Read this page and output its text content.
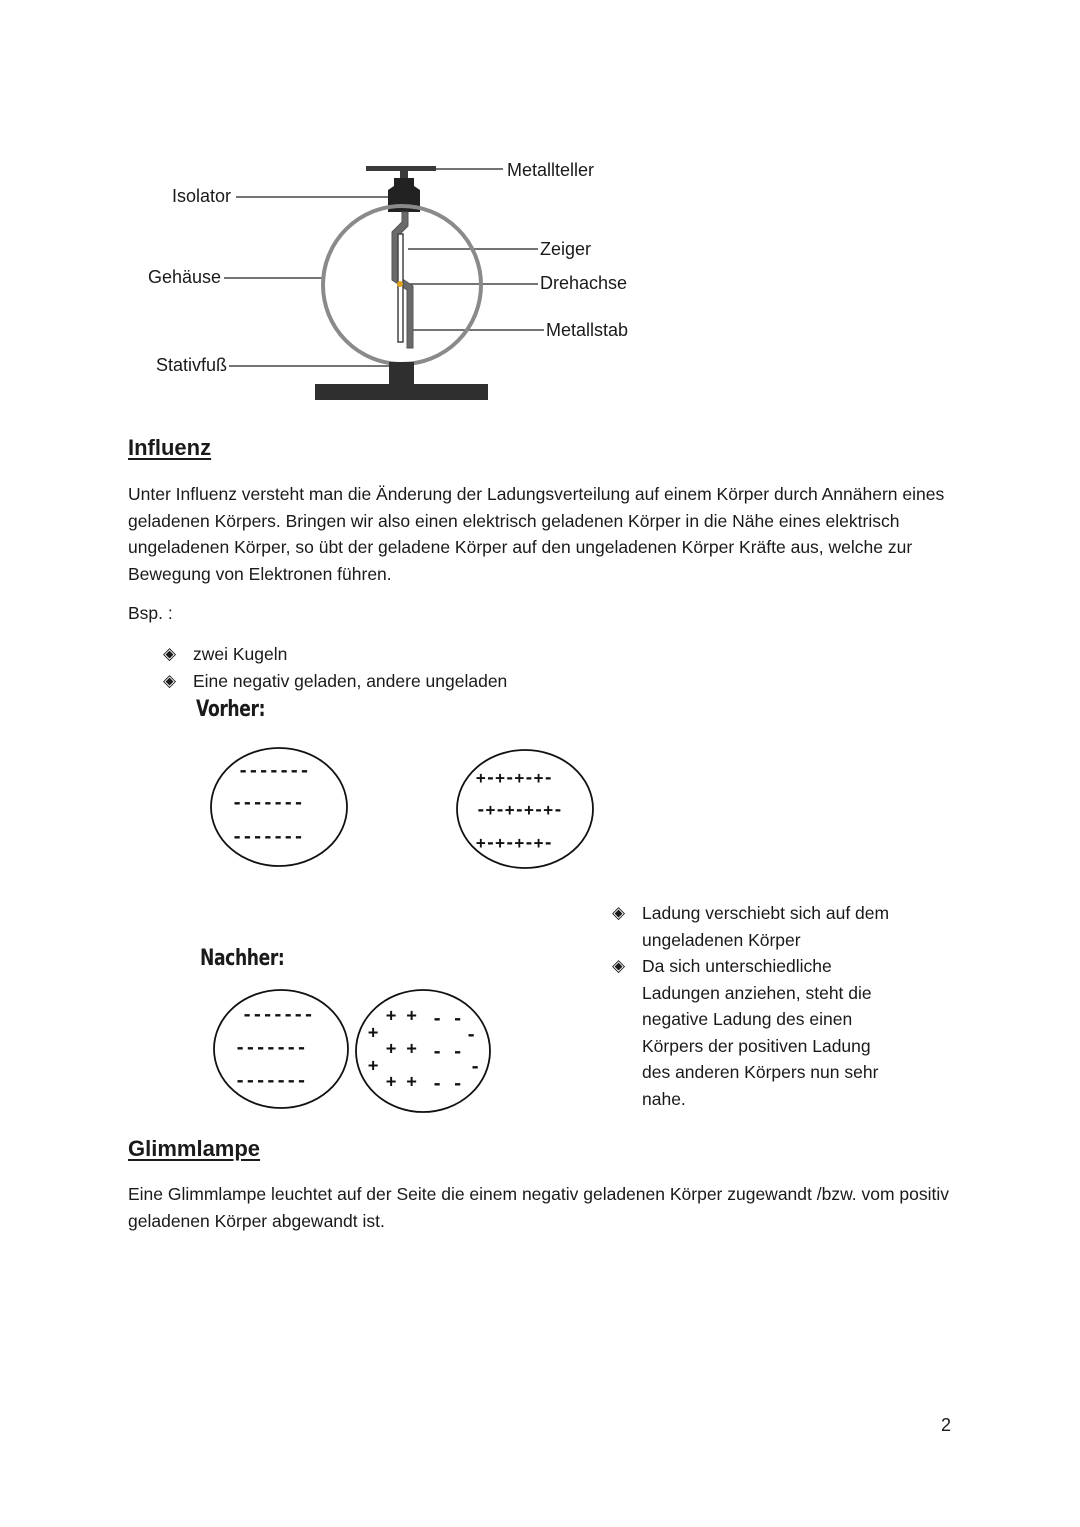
Metallteller
Isolator
Zeiger
Gehäuse	Drehachse
Metallstab
Stativfuß
Influenz
Unter Influenz versteht man die Änderung der Ladungsverteilung auf einem Körper durch Annähern eines geladenen Körpers. Bringen wir also einen elektrisch geladenen Körper in die Nähe eines elektrisch ungeladenen Körper, so übt der geladene Körper auf den ungeladenen Körper Kräfte aus, welche zur Bewegung von Elektronen führen.
Bsp. :
◈ zwei Kugeln
◈ Eine negativ geladen, andere ungeladen
Vorher:
-------
-------
-------
+-+-+-+-
-+-+-+-+-
+-+-+-+-
-------
-------
-------
+ +
+ +
+ +
+
+
- -
- -
- -
-
-
Nachher:
◈ Ladung verschiebt sich auf dem ungeladenen Körper
◈ Da sich unterschiedliche Ladungen anziehen, steht die negative Ladung des einen Körpers der positiven Ladung des anderen Körpers nun sehr nahe.
Glimmlampe
Eine Glimmlampe leuchtet auf der Seite die einem negativ geladenen Körper zugewandt /bzw. vom positiv geladenen Körper abgewandt ist.
2
